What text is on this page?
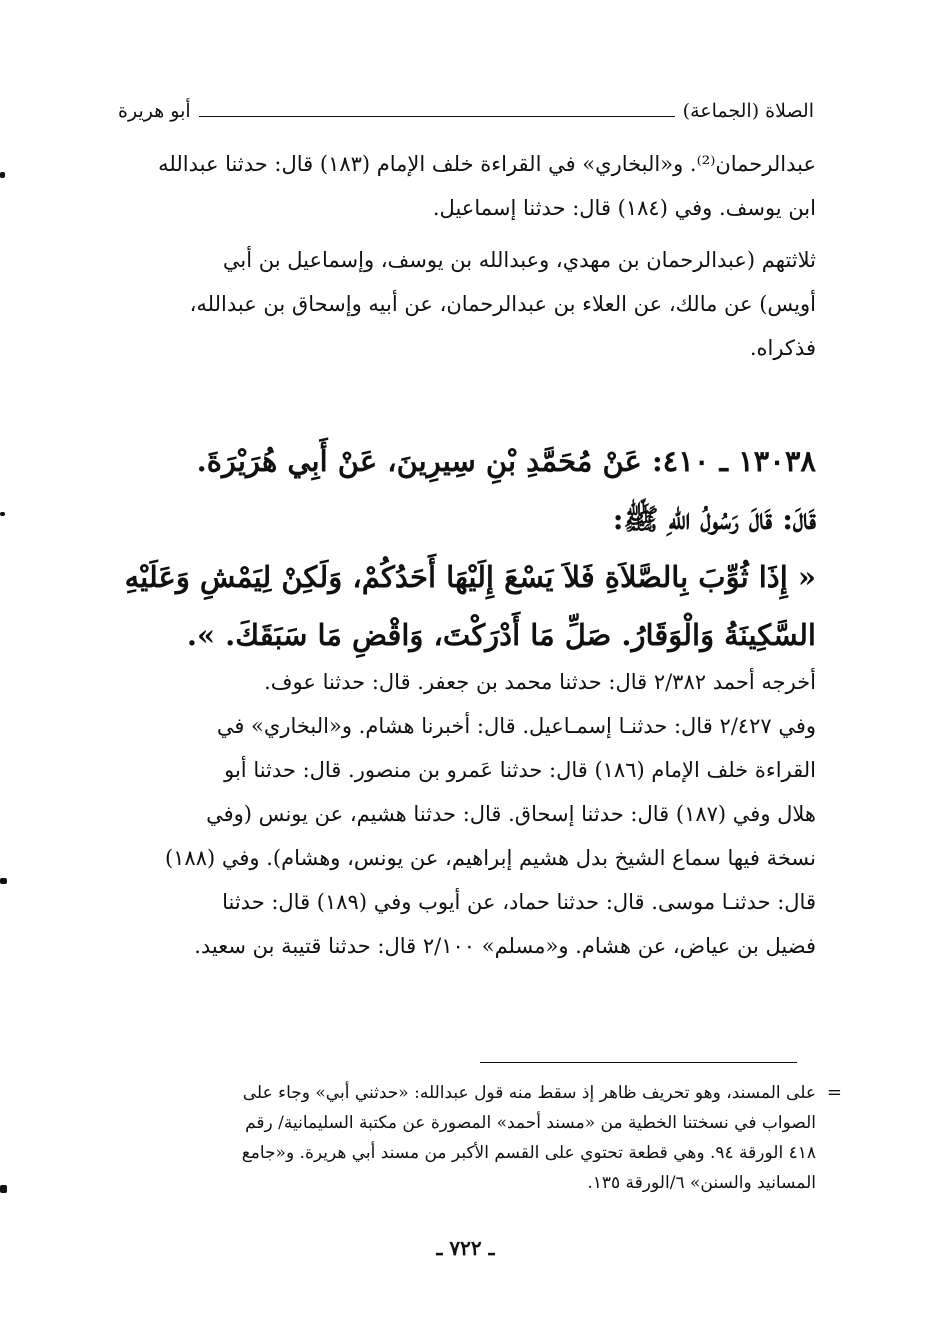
الصلاة (الجماعة)
أبو هريرة

عبدالرحمان⁽²⁾. و«البخاري» في القراءة خلف الإمام (١٨٣) قال: حدثنا عبدالله

ابن يوسف. وفي (١٨٤) قال: حدثنا إسماعيل.

ثلاثتهم (عبدالرحمان بن مهدي، وعبدالله بن يوسف، وإسماعيل بن أبي

أويس) عن مالك، عن العلاء بن عبدالرحمان، عن أبيه وإسحاق بن عبدالله،

فذكراه.

١٣٠٣٨ ـ ٤١٠: عَنْ مُحَمَّدِ بْنِ سِيرِينَ، عَنْ أَبِي هُرَيْرَةَ.

قَالَ: قَالَ رَسُولُ اللهِ ﷺ:

« إِذَا ثُوِّبَ بِالصَّلاَةِ فَلاَ يَسْعَ إِلَيْهَا أَحَدُكُمْ، وَلَكِنْ لِيَمْشِ وَعَلَيْهِ

السَّكِينَةُ وَالْوَقَارُ. صَلِّ مَا أَدْرَكْتَ، وَاقْضِ مَا سَبَقَكَ. ».

أخرجه أحمد ٢/٣٨٢ قال: حدثنا محمد بن جعفر. قال: حدثنا عوف.

وفي ٢/٤٢٧ قال: حدثنـا إسمـاعيل. قال: أخبرنا هشام. و«البخاري» في

القراءة خلف الإمام (١٨٦) قال: حدثنا عَمرو بن منصور. قال: حدثنا أبو

هلال وفي (١٨٧) قال: حدثنا إسحاق. قال: حدثنا هشيم، عن يونس (وفي

نسخة فيها سماع الشيخ بدل هشيم إبراهيم، عن يونس، وهشام). وفي (١٨٨)

قال: حدثنـا موسى. قال: حدثنا حماد، عن أيوب وفي (١٨٩) قال: حدثنا

فضيل بن عياض، عن هشام. و«مسلم» ٢/١٠٠ قال: حدثنا قتيبة بن سعيد.

=
على المسند، وهو تحريف ظاهر إذ سقط منه قول عبدالله: «حدثني أبي» وجاء على
الصواب في نسختنا الخطية من «مسند أحمد» المصورة عن مكتبة السليمانية/ رقم
٤١٨ الورقة ٩٤. وهي قطعة تحتوي على القسم الأكبر من مسند أبي هريرة. و«جامع
المسانيد والسنن» ٦/الورقة ١٣٥.
ـ ٧٢٢ ـ
